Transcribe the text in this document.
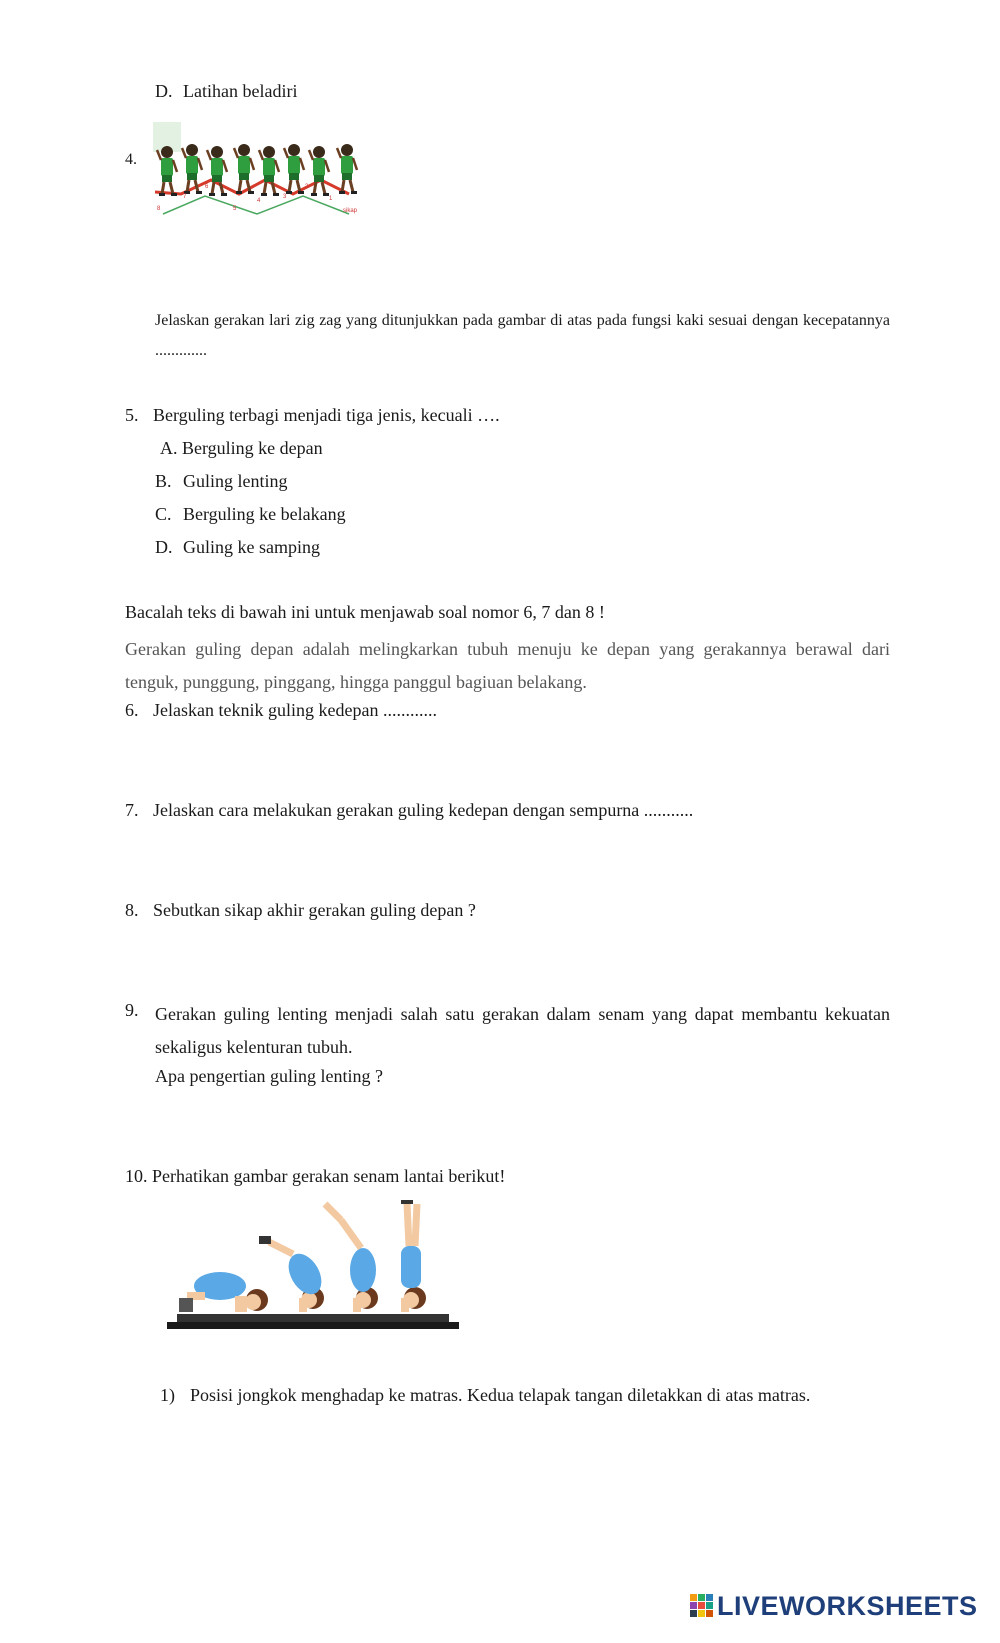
D. Latihan beladiri
4.
8
7
6
5
4
3
2
1
sikap
Jelaskan gerakan lari zig zag yang ditunjukkan pada gambar di atas pada fungsi kaki sesuai dengan kecepatannya .............
5. Berguling terbagi menjadi tiga jenis, kecuali ….
A. Berguling ke depan
B. Guling lenting
C. Berguling ke belakang
D. Guling ke samping
Bacalah teks di bawah ini untuk menjawab soal nomor 6, 7 dan 8 !
Gerakan guling depan adalah melingkarkan tubuh menuju ke depan yang gerakannya berawal dari tenguk, punggung, pinggang, hingga panggul bagiuan belakang.
6. Jelaskan teknik guling kedepan ............
7. Jelaskan cara melakukan gerakan guling kedepan dengan sempurna ...........
8. Sebutkan sikap akhir gerakan guling depan ?
9. Gerakan guling lenting menjadi salah satu gerakan dalam senam yang dapat membantu kekuatan sekaligus kelenturan tubuh.
Apa pengertian guling lenting ?
10. Perhatikan gambar gerakan senam lantai berikut!
1) Posisi jongkok menghadap ke matras. Kedua telapak tangan diletakkan di atas matras.
LIVEWORKSHEETS
